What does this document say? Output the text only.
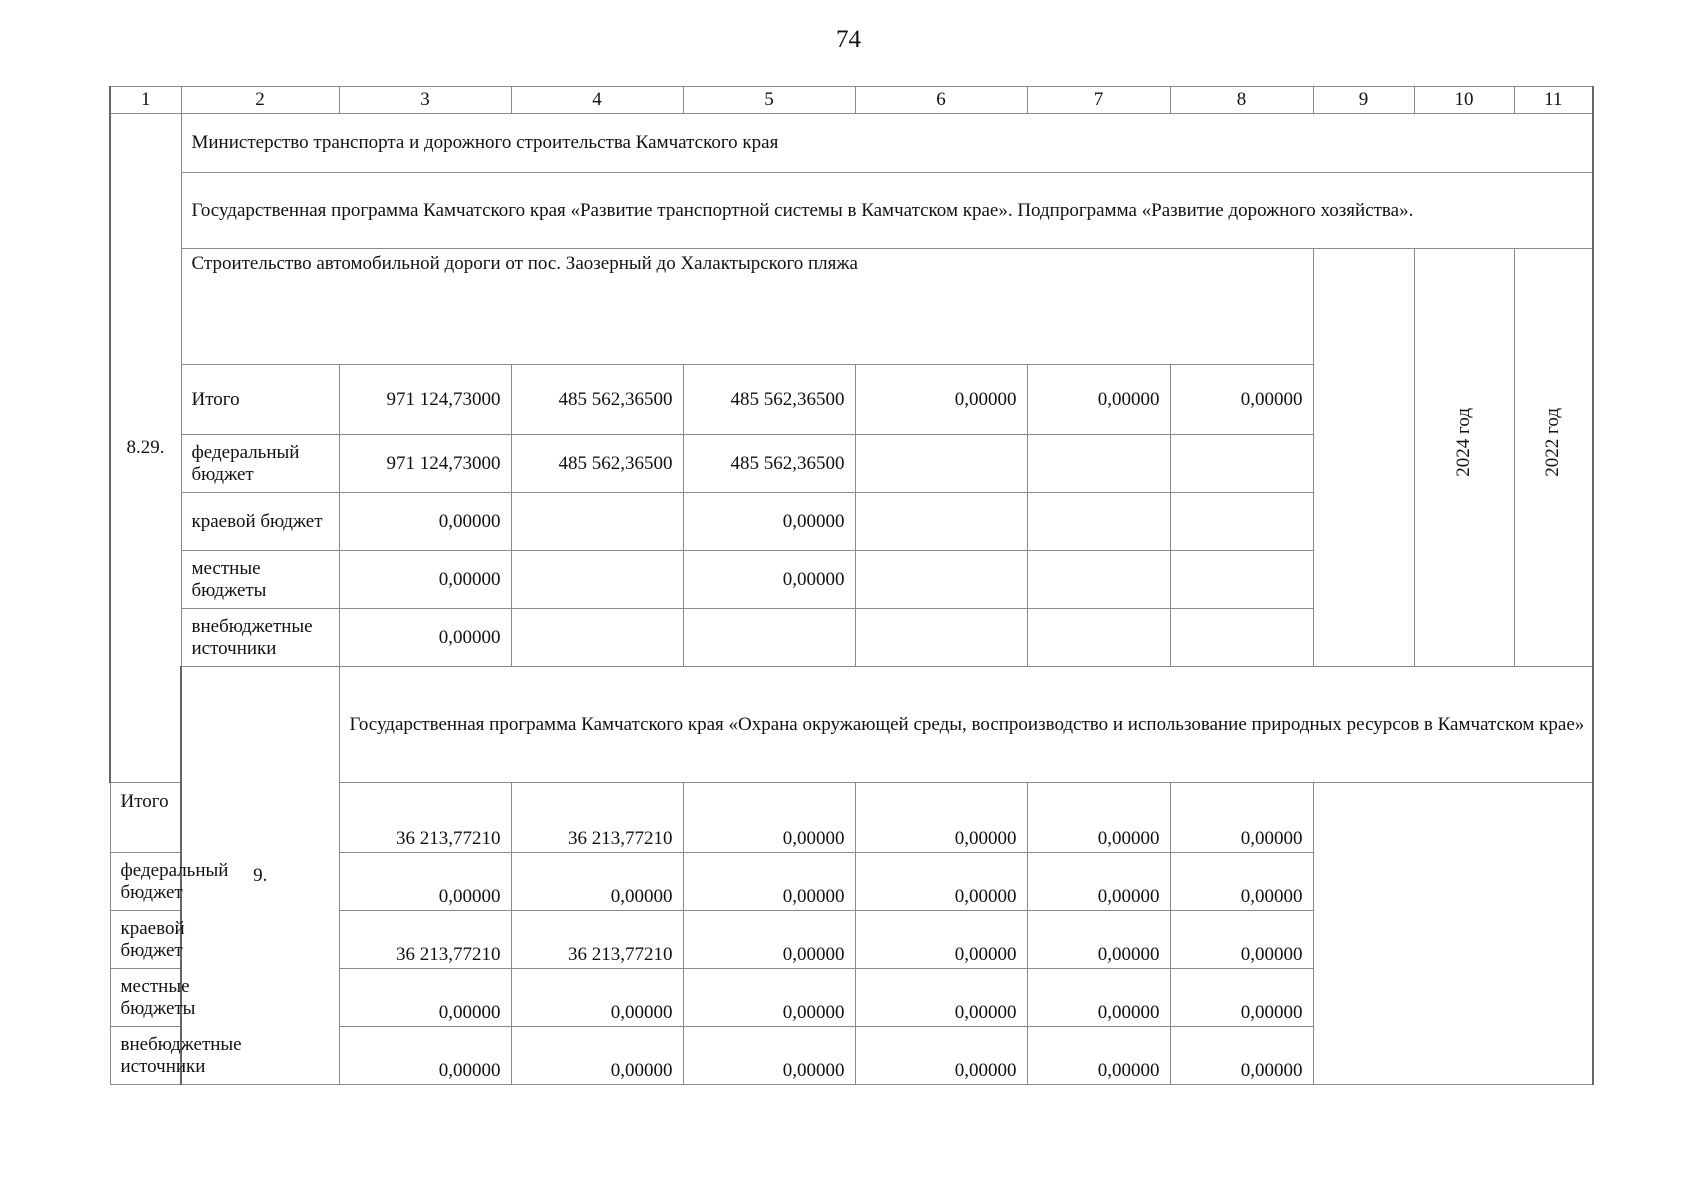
74
1	2	3	4	5	6	7	8	9	10	11
8.29.	Министерство транспорта и дорожного строительства Камчатского края									
	Государственная программа Камчатского края «Развитие транспортной системы в Камчатском крае». Подпрограмма «Развитие дорожного хозяйства».									
	Строительство автомобильной дороги от пос. Заозерный до Халактырского пляжа								2024 год	2022 год

	Итого	971 124,73000	485 562,36500	485 562,36500	0,00000	0,00000	0,00000			
	федеральный бюджет	971 124,73000	485 562,36500	485 562,36500						
	краевой бюджет	0,00000		0,00000						
	местные бюджеты	0,00000		0,00000						
	внебюджетные источники	0,00000								
	9.	Государственная программа Камчатского края «Охрана окружающей среды, воспроизводство и использование природных ресурсов в Камчатском крае»								
Итого		36 213,77210	36 213,77210	0,00000	0,00000	0,00000	0,00000			
федеральный бюджет		0,00000	0,00000	0,00000	0,00000	0,00000	0,00000			
краевой бюджет		36 213,77210	36 213,77210	0,00000	0,00000	0,00000	0,00000			
местные бюджеты		0,00000	0,00000	0,00000	0,00000	0,00000	0,00000			
внебюджетные источники		0,00000	0,00000	0,00000	0,00000	0,00000	0,00000			
